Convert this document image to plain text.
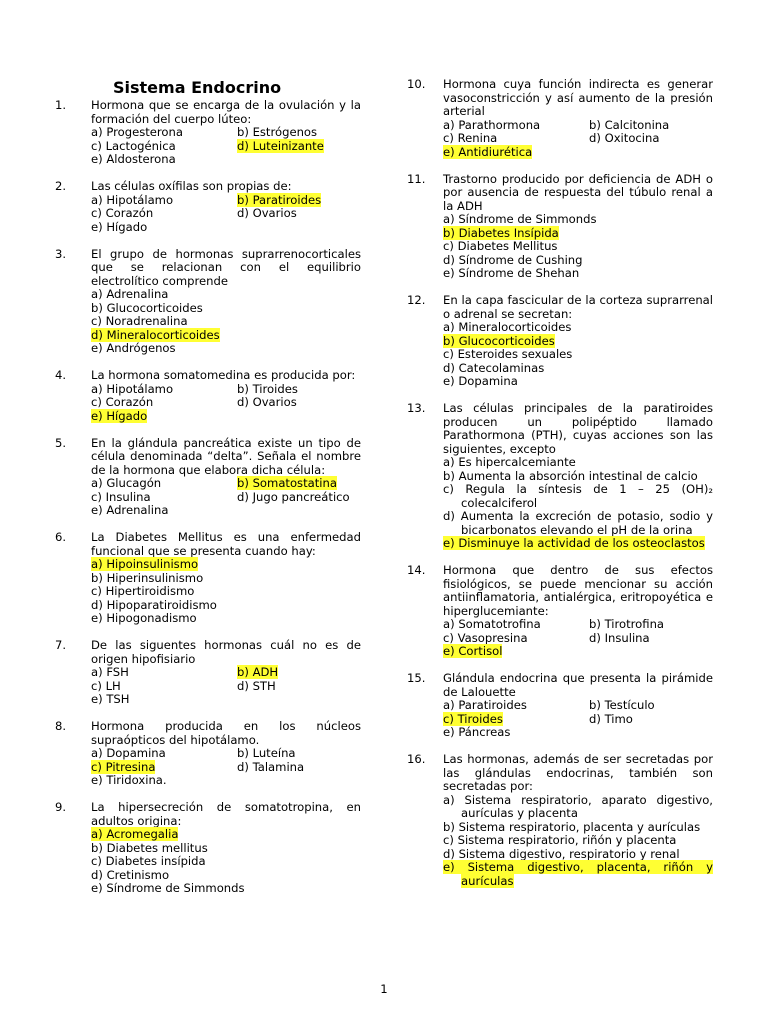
Sistema Endocrino
1. Hormona que se encarga de la ovulación y la formación del cuerpo lúteo:
a) Progesterona	b) Estrógenos
c) Lactogénica	d) Luteinizante
e) Aldosterona
2. Las células oxífilas son propias de:
a) Hipotálamo	b) Paratiroides
c) Corazón	d) Ovarios
e) Hígado
3. El grupo de hormonas suprarrenocorticales que se relacionan con el equilibrio electrolítico comprende
a) Adrenalina
b) Glucocorticoides
c) Noradrenalina
d) Mineralocorticoides
e) Andrógenos
4. La hormona somatomedina es producida por:
a) Hipotálamo	b) Tiroides
c) Corazón	d) Ovarios
e) Hígado
5. En la glándula pancreática existe un tipo de célula denominada “delta”. Señala el nombre de la hormona que elabora dicha célula:
a) Glucagón	b) Somatostatina
c) Insulina	d) Jugo pancreático
e) Adrenalina
6. La Diabetes Mellitus es una enfermedad funcional que se presenta cuando hay:
a) Hipoinsulinismo
b) Hiperinsulinismo
c) Hipertiroidismo
d) Hipoparatiroidismo
e) Hipogonadismo
7. De las siguentes hormonas cuál no es de origen hipofisiario
a) FSH	b) ADH
c) LH	d) STH
e) TSH
8. Hormona producida en los núcleos supraópticos del hipotálamo.
a) Dopamina	b) Luteína
c) Pitresina	d) Talamina
e) Tiridoxina.
9. La hipersecreción de somatotropina, en adultos origina:
a) Acromegalia
b) Diabetes mellitus
c) Diabetes insípida
d) Cretinismo
e) Síndrome de Simmonds
10. Hormona cuya función indirecta es generar vasoconstricción y así aumento de la presión arterial
a) Parathormona	b) Calcitonina
c) Renina	d) Oxitocina
e) Antidiurética
11. Trastorno producido por deficiencia de ADH o por ausencia de respuesta del túbulo renal a la ADH
a) Síndrome de Simmonds
b) Diabetes Insípida
c) Diabetes Mellitus
d) Síndrome de Cushing
e) Síndrome de Shehan
12. En la capa fascicular de la corteza suprarrenal o adrenal se secretan:
a) Mineralocorticoides
b) Glucocorticoides
c) Esteroides sexuales
d) Catecolaminas
e) Dopamina
13. Las células principales de la paratiroides producen un polipéptido llamado Parathormona (PTH), cuyas acciones son las siguientes, excepto
a) Es hipercalcemiante
b) Aumenta la absorción intestinal de calcio
c) Regula la síntesis de 1 – 25 (OH)₂ colecalciferol
d) Aumenta la excreción de potasio, sodio y bicarbonatos elevando el pH de la orina
e) Disminuye la actividad de los osteoclastos
14. Hormona que dentro de sus efectos fisiológicos, se puede mencionar su acción antiinflamatoria, antialérgica, eritropoyética e hiperglucemiante:
a) Somatotrofina	b) Tirotrofina
c) Vasopresina	d) Insulina
e) Cortisol
15. Glándula endocrina que presenta la pirámide de Lalouette
a) Paratiroides	b) Testículo
c) Tiroides	d) Timo
e) Páncreas
16. Las hormonas, además de ser secretadas por las glándulas endocrinas, también son secretadas por:
a) Sistema respiratorio, aparato digestivo, aurículas y placenta
b) Sistema respiratorio, placenta y aurículas
c) Sistema respiratorio, riñón y placenta
d) Sistema digestivo, respiratorio y renal
e) Sistema digestivo, placenta, riñón y aurículas
1
